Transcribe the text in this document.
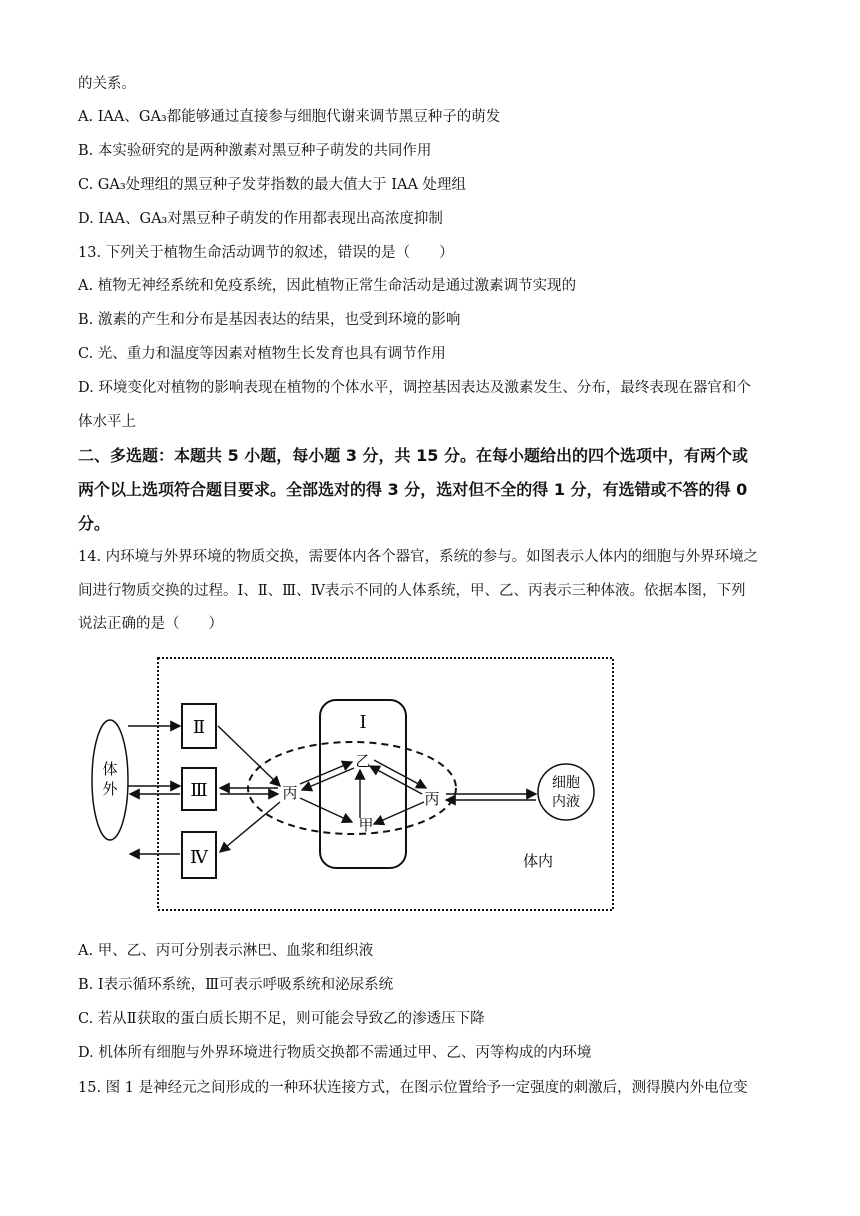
的关系。
A. IAA、GA₃都能够通过直接参与细胞代谢来调节黑豆种子的萌发
B. 本实验研究的是两种激素对黑豆种子萌发的共同作用
C. GA₃处理组的黑豆种子发芽指数的最大值大于 IAA 处理组
D. IAA、GA₃对黑豆种子萌发的作用都表现出高浓度抑制
13. 下列关于植物生命活动调节的叙述，错误的是（　　）
A. 植物无神经系统和免疫系统，因此植物正常生命活动是通过激素调节实现的
B. 激素的产生和分布是基因表达的结果，也受到环境的影响
C. 光、重力和温度等因素对植物生长发育也具有调节作用
D. 环境变化对植物的影响表现在植物的个体水平，调控基因表达及激素发生、分布，最终表现在器官和个
体水平上
二、多选题：本题共 5 小题，每小题 3 分，共 15 分。在每小题给出的四个选项中，有两个或
两个以上选项符合题目要求。全部选对的得 3 分，选对但不全的得 1 分，有选错或不答的得 0
分。
14. 内环境与外界环境的物质交换，需要体内各个器官，系统的参与。如图表示人体内的细胞与外界环境之
间进行物质交换的过程。Ⅰ、Ⅱ、Ⅲ、Ⅳ表示不同的人体系统，甲、乙、丙表示三种体液。依据本图，下列
说法正确的是（　　）
体外
Ⅱ
Ⅲ
Ⅳ
Ⅰ
丙
乙
甲
丙
细胞
内液
体内
A. 甲、乙、丙可分别表示淋巴、血浆和组织液
B. Ⅰ表示循环系统，Ⅲ可表示呼吸系统和泌尿系统
C. 若从Ⅱ获取的蛋白质长期不足，则可能会导致乙的渗透压下降
D. 机体所有细胞与外界环境进行物质交换都不需通过甲、乙、丙等构成的内环境
15. 图 1 是神经元之间形成的一种环状连接方式，在图示位置给予一定强度的刺激后，测得膜内外电位变
